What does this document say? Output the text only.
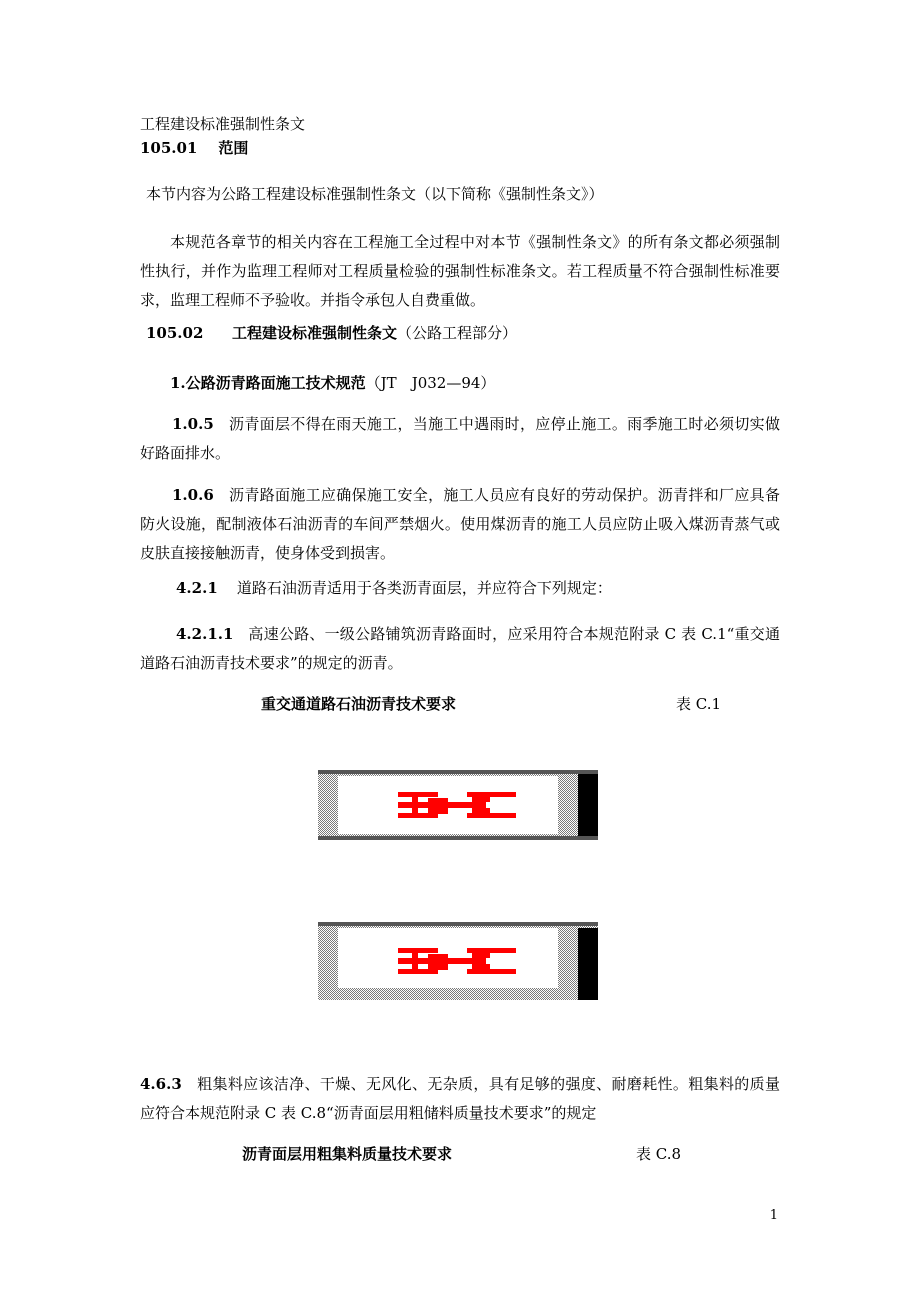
工程建设标准强制性条文
105.01 范围
本节内容为公路工程建设标准强制性条文（以下简称《强制性条文》）
本规范各章节的相关内容在工程施工全过程中对本节《强制性条文》的所有条文都必须强制性执行，并作为监理工程师对工程质量检验的强制性标准条文。若工程质量不符合强制性标准要求，监理工程师不予验收。并指令承包人自费重做。
105.02 工程建设标准强制性条文（公路工程部分）
1.公路沥青路面施工技术规范（JT　J032—94）
1.0.5 沥青面层不得在雨天施工，当施工中遇雨时，应停止施工。雨季施工时必须切实做好路面排水。
1.0.6 沥青路面施工应确保施工安全，施工人员应有良好的劳动保护。沥青拌和厂应具备防火设施，配制液体石油沥青的车间严禁烟火。使用煤沥青的施工人员应防止吸入煤沥青蒸气或皮肤直接接触沥青，使身体受到损害。
4.2.1 道路石油沥青适用于各类沥青面层，并应符合下列规定：
4.2.1.1 高速公路、一级公路铺筑沥青路面时，应采用符合本规范附录 C 表 C.1“重交通道路石油沥青技术要求”的规定的沥青。
重交通道路石油沥青技术要求	表 C.1
4.6.3 粗集料应该洁净、干燥、无风化、无杂质，具有足够的强度、耐磨耗性。粗集料的质量应符合本规范附录 C 表 C.8“沥青面层用粗储料质量技术要求”的规定
沥青面层用粗集料质量技术要求	表 C.8
1
